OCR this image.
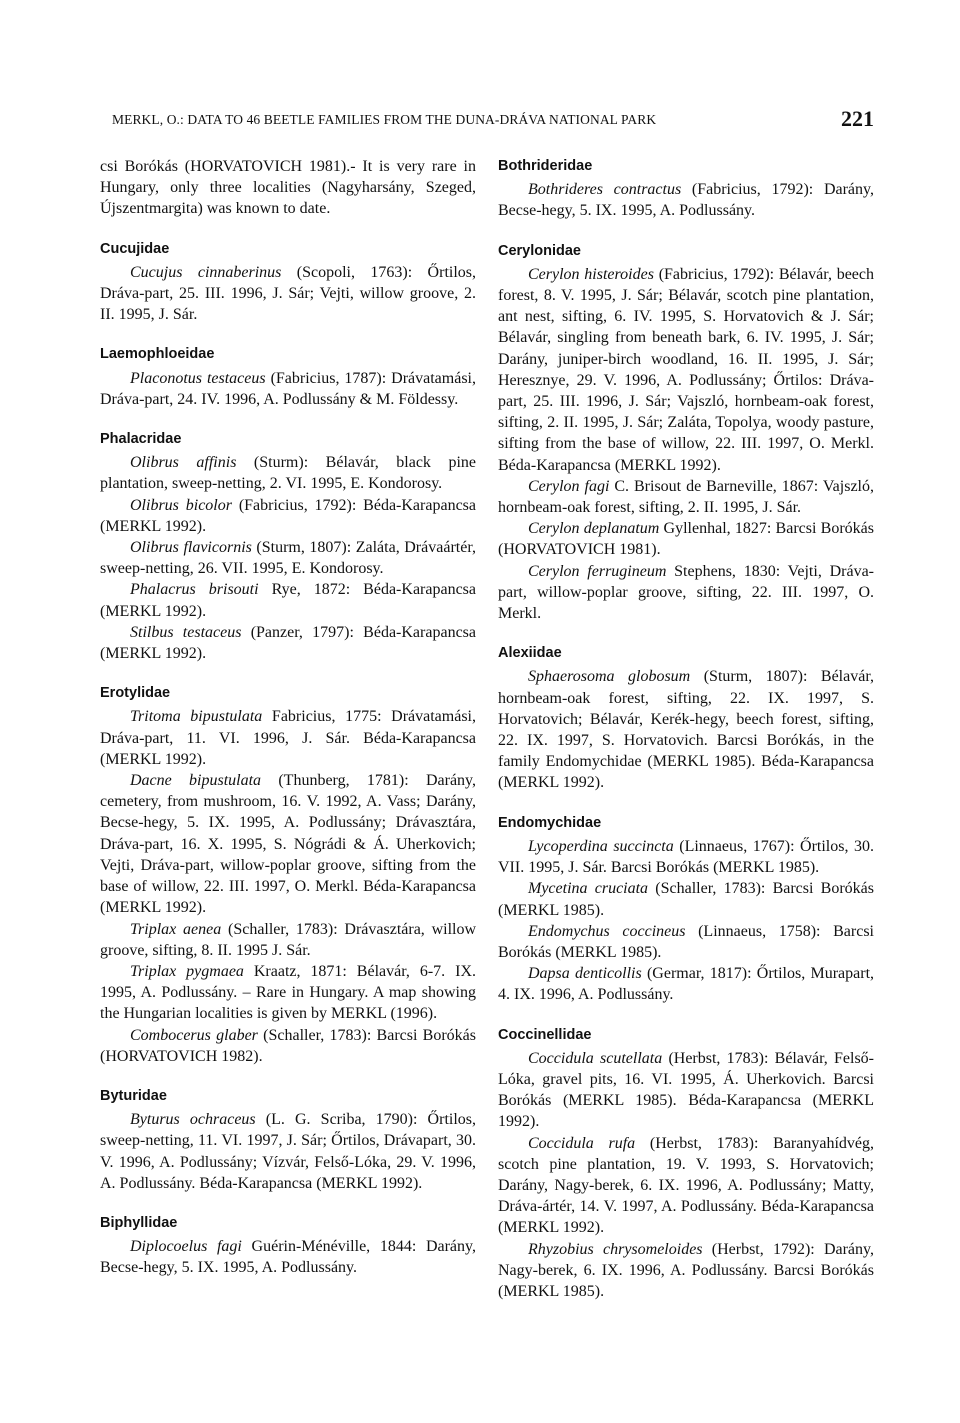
MERKL, O.: DATA TO 46 BEETLE FAMILIES FROM THE DUNA-DRÁVA NATIONAL PARK	221

csi Borókás (HORVATOVICH 1981).- It is very rare in Hungary, only three localities (Nagyharsány, Szeged, Újszentmargita) was known to date.

Cucujidae

Cucujus cinnaberinus (Scopoli, 1763): Őrtilos, Dráva-part, 25. III. 1996, J. Sár; Vejti, willow groove, 2. II. 1995, J. Sár.

Laemophloeidae

Placonotus testaceus (Fabricius, 1787): Drávatamási, Dráva-part, 24. IV. 1996, A. Podlussány & M. Földessy.

Phalacridae

Olibrus affinis (Sturm): Bélavár, black pine plantation, sweep-netting, 2. VI. 1995, E. Kondorosy.

Olibrus bicolor (Fabricius, 1792): Béda-Karapancsa (MERKL 1992).

Olibrus flavicornis (Sturm, 1807): Zaláta, Drávaártér, sweep-netting, 26. VII. 1995, E. Kondorosy.

Phalacrus brisouti Rye, 1872: Béda-Karapancsa (MERKL 1992).

Stilbus testaceus (Panzer, 1797): Béda-Karapancsa (MERKL 1992).

Erotylidae

Tritoma bipustulata Fabricius, 1775: Drávatamási, Dráva-part, 11. VI. 1996, J. Sár. Béda-Karapancsa (MERKL 1992).

Dacne bipustulata (Thunberg, 1781): Darány, cemetery, from mushroom, 16. V. 1992, A. Vass; Darány, Becse-hegy, 5. IX. 1995, A. Podlussány; Drávasztára, Dráva-part, 16. X. 1995, S. Nógrádi & Á. Uherkovich; Vejti, Dráva-part, willow-poplar groove, sifting from the base of willow, 22. III. 1997, O. Merkl. Béda-Karapancsa (MERKL 1992).

Triplax aenea (Schaller, 1783): Drávasztára, willow groove, sifting, 8. II. 1995 J. Sár.

Triplax pygmaea Kraatz, 1871: Bélavár, 6-7. IX. 1995, A. Podlussány. – Rare in Hungary. A map showing the Hungarian localities is given by MERKL (1996).

Combocerus glaber (Schaller, 1783): Barcsi Borókás (HORVATOVICH 1982).

Byturidae

Byturus ochraceus (L. G. Scriba, 1790): Őrtilos, sweep-netting, 11. VI. 1997, J. Sár; Őrtilos, Drávapart, 30. V. 1996, A. Podlussány; Vízvár, Felső-Lóka, 29. V. 1996, A. Podlussány. Béda-Karapancsa (MERKL 1992).

Biphyllidae

Diplocoelus fagi Guérin-Ménéville, 1844: Darány, Becse-hegy, 5. IX. 1995, A. Podlussány.

Bothrideridae

Bothrideres contractus (Fabricius, 1792): Darány, Becse-hegy, 5. IX. 1995, A. Podlussány.

Cerylonidae

Cerylon histeroides (Fabricius, 1792): Bélavár, beech forest, 8. V. 1995, J. Sár; Bélavár, scotch pine plantation, ant nest, sifting, 6. IV. 1995, S. Horvatovich & J. Sár; Bélavár, singling from beneath bark, 6. IV. 1995, J. Sár; Darány, juniper-birch woodland, 16. II. 1995, J. Sár; Heresznye, 29. V. 1996, A. Podlussány; Őrtilos: Dráva-part, 25. III. 1996, J. Sár; Vajszló, hornbeam-oak forest, sifting, 2. II. 1995, J. Sár; Zaláta, Topolya, woody pasture, sifting from the base of willow, 22. III. 1997, O. Merkl. Béda-Karapancsa (MERKL 1992).

Cerylon fagi C. Brisout de Barneville, 1867: Vajszló, hornbeam-oak forest, sifting, 2. II. 1995, J. Sár.

Cerylon deplanatum Gyllenhal, 1827: Barcsi Borókás (HORVATOVICH 1981).

Cerylon ferrugineum Stephens, 1830: Vejti, Dráva-part, willow-poplar groove, sifting, 22. III. 1997, O. Merkl.

Alexiidae

Sphaerosoma globosum (Sturm, 1807): Bélavár, hornbeam-oak forest, sifting, 22. IX. 1997, S. Horvatovich; Bélavár, Kerék-hegy, beech forest, sifting, 22. IX. 1997, S. Horvatovich. Barcsi Borókás, in the family Endomychidae (MERKL 1985). Béda-Karapancsa (MERKL 1992).

Endomychidae

Lycoperdina succincta (Linnaeus, 1767): Őrtilos, 30. VII. 1995, J. Sár. Barcsi Borókás (MERKL 1985).

Mycetina cruciata (Schaller, 1783): Barcsi Borókás (MERKL 1985).

Endomychus coccineus (Linnaeus, 1758): Barcsi Borókás (MERKL 1985).

Dapsa denticollis (Germar, 1817): Őrtilos, Murapart, 4. IX. 1996, A. Podlussány.

Coccinellidae

Coccidula scutellata (Herbst, 1783): Bélavár, Felső-Lóka, gravel pits, 16. VI. 1995, Á. Uherkovich. Barcsi Borókás (MERKL 1985). Béda-Karapancsa (MERKL 1992).

Coccidula rufa (Herbst, 1783): Baranyahídvég, scotch pine plantation, 19. V. 1993, S. Horvatovich; Darány, Nagy-berek, 6. IX. 1996, A. Podlussány; Matty, Dráva-ártér, 14. V. 1997, A. Podlussány. Béda-Karapancsa (MERKL 1992).

Rhyzobius chrysomeloides (Herbst, 1792): Darány, Nagy-berek, 6. IX. 1996, A. Podlussány. Barcsi Borókás (MERKL 1985).
